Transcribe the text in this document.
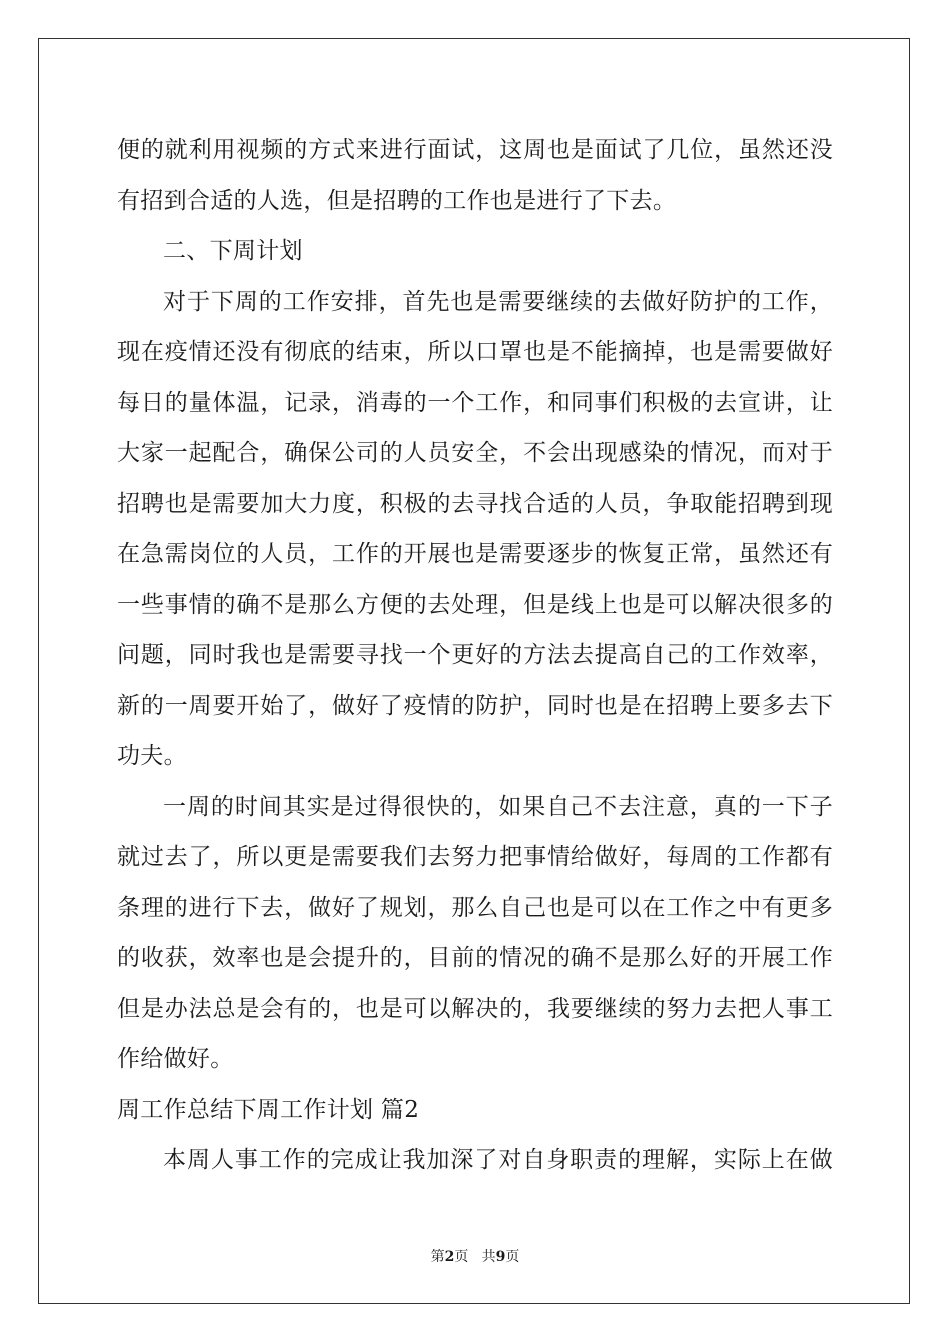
便的就利用视频的方式来进行面试，这周也是面试了几位，虽然还没
有招到合适的人选，但是招聘的工作也是进行了下去。
二、下周计划
对于下周的工作安排，首先也是需要继续的去做好防护的工作，
现在疫情还没有彻底的结束，所以口罩也是不能摘掉，也是需要做好
每日的量体温，记录，消毒的一个工作，和同事们积极的去宣讲，让
大家一起配合，确保公司的人员安全，不会出现感染的情况，而对于
招聘也是需要加大力度，积极的去寻找合适的人员，争取能招聘到现
在急需岗位的人员，工作的开展也是需要逐步的恢复正常，虽然还有
一些事情的确不是那么方便的去处理，但是线上也是可以解决很多的
问题，同时我也是需要寻找一个更好的方法去提高自己的工作效率，
新的一周要开始了，做好了疫情的防护，同时也是在招聘上要多去下
功夫。
一周的时间其实是过得很快的，如果自己不去注意，真的一下子
就过去了，所以更是需要我们去努力把事情给做好，每周的工作都有
条理的进行下去，做好了规划，那么自己也是可以在工作之中有更多
的收获，效率也是会提升的，目前的情况的确不是那么好的开展工作
但是办法总是会有的，也是可以解决的，我要继续的努力去把人事工
作给做好。
周工作总结下周工作计划 篇2
本周人事工作的完成让我加深了对自身职责的理解，实际上在做
第2页 共9页
